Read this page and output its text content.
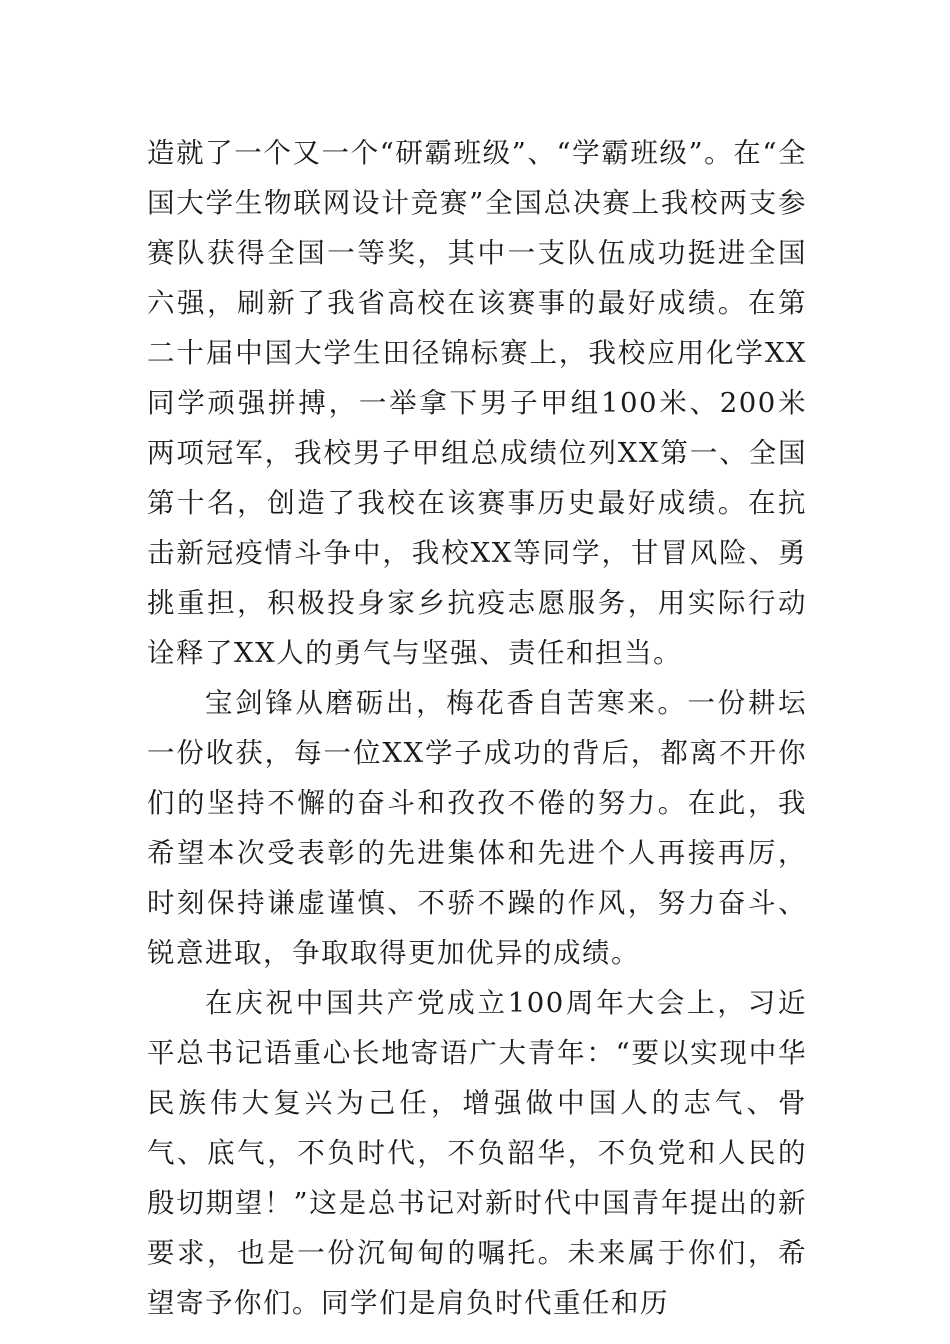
造就了一个又一个“研霸班级”、“学霸班级”。在“全国大学生物联网设计竞赛”全国总决赛上我校两支参赛队获得全国一等奖，其中一支队伍成功挺进全国六强，刷新了我省高校在该赛事的最好成绩。在第二十届中国大学生田径锦标赛上，我校应用化学XX同学顽强拼搏，一举拿下男子甲组100米、200米两项冠军，我校男子甲组总成绩位列XX第一、全国第十名，创造了我校在该赛事历史最好成绩。在抗击新冠疫情斗争中，我校XX等同学，甘冒风险、勇挑重担，积极投身家乡抗疫志愿服务，用实际行动诠释了XX人的勇气与坚强、责任和担当。

宝剑锋从磨砺出，梅花香自苦寒来。一份耕坛一份收获，每一位XX学子成功的背后，都离不开你们的坚持不懈的奋斗和孜孜不倦的努力。在此，我希望本次受表彰的先进集体和先进个人再接再厉，时刻保持谦虚谨慎、不骄不躁的作风，努力奋斗、锐意进取，争取取得更加优异的成绩。

在庆祝中国共产党成立100周年大会上，习近平总书记语重心长地寄语广大青年：“要以实现中华民族伟大复兴为己任，增强做中国人的志气、骨气、底气，不负时代，不负韶华，不负党和人民的殷切期望！”这是总书记对新时代中国青年提出的新要求，也是一份沉甸甸的嘱托。未来属于你们，希望寄予你们。同学们是肩负时代重任和历
